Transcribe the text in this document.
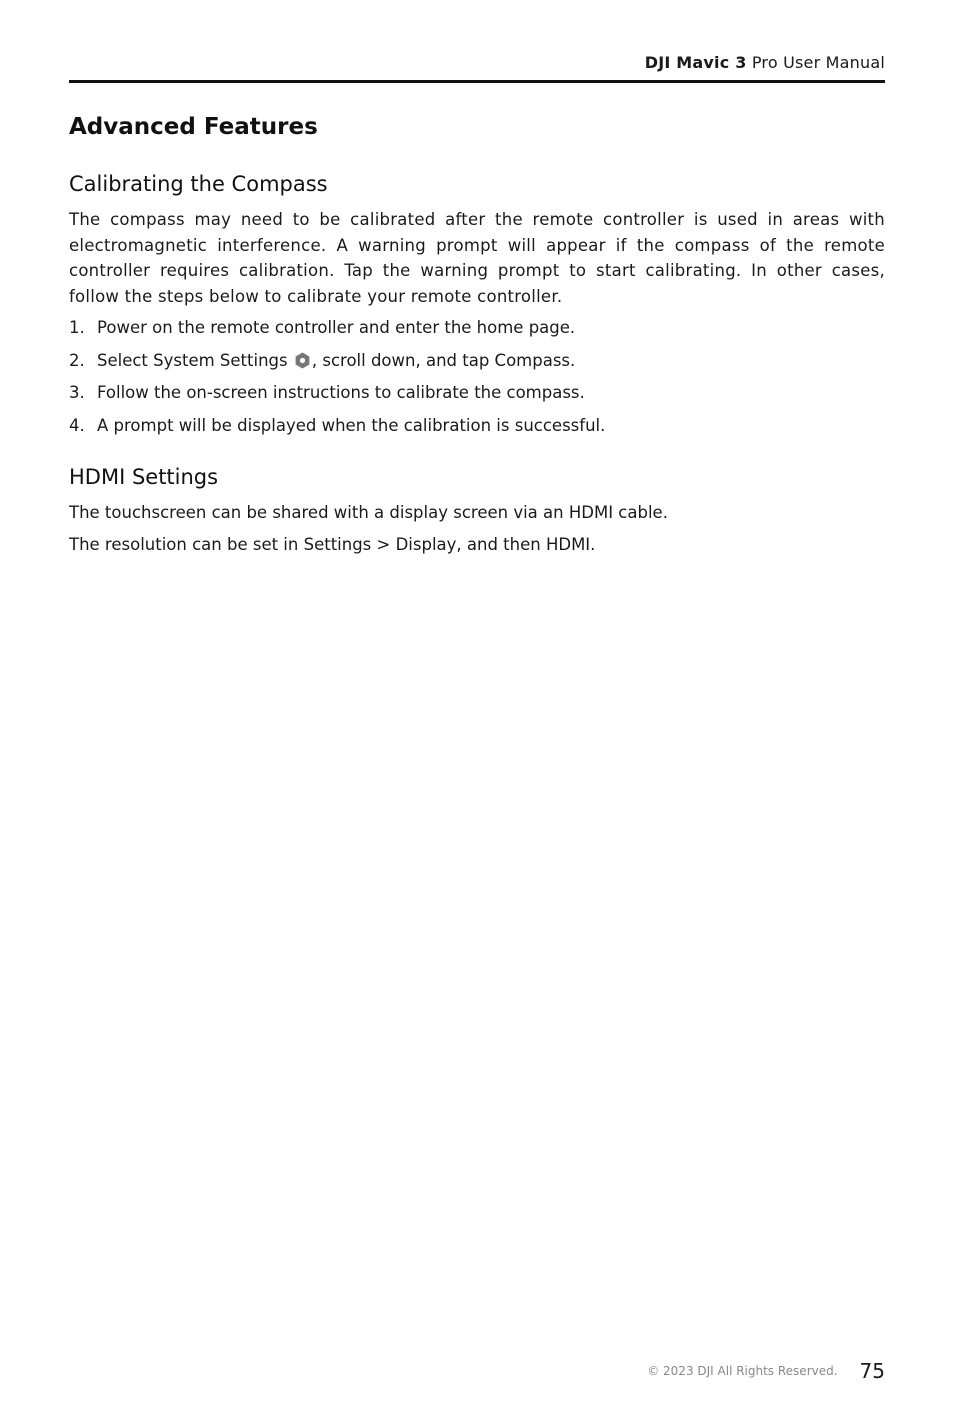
DJI Mavic 3 Pro User Manual
Advanced Features
Calibrating the Compass

The compass may need to be calibrated after the remote controller is used in areas with electromagnetic interference. A warning prompt will appear if the compass of the remote controller requires calibration. Tap the warning prompt to start calibrating. In other cases, follow the steps below to calibrate your remote controller.

1. Power on the remote controller and enter the home page.
2. Select System Settings , scroll down, and tap Compass.
3. Follow the on-screen instructions to calibrate the compass.
4. A prompt will be displayed when the calibration is successful.
HDMI Settings

The touchscreen can be shared with a display screen via an HDMI cable.

The resolution can be set in Settings > Display, and then HDMI.

© 2023 DJI All Rights Reserved. 75
